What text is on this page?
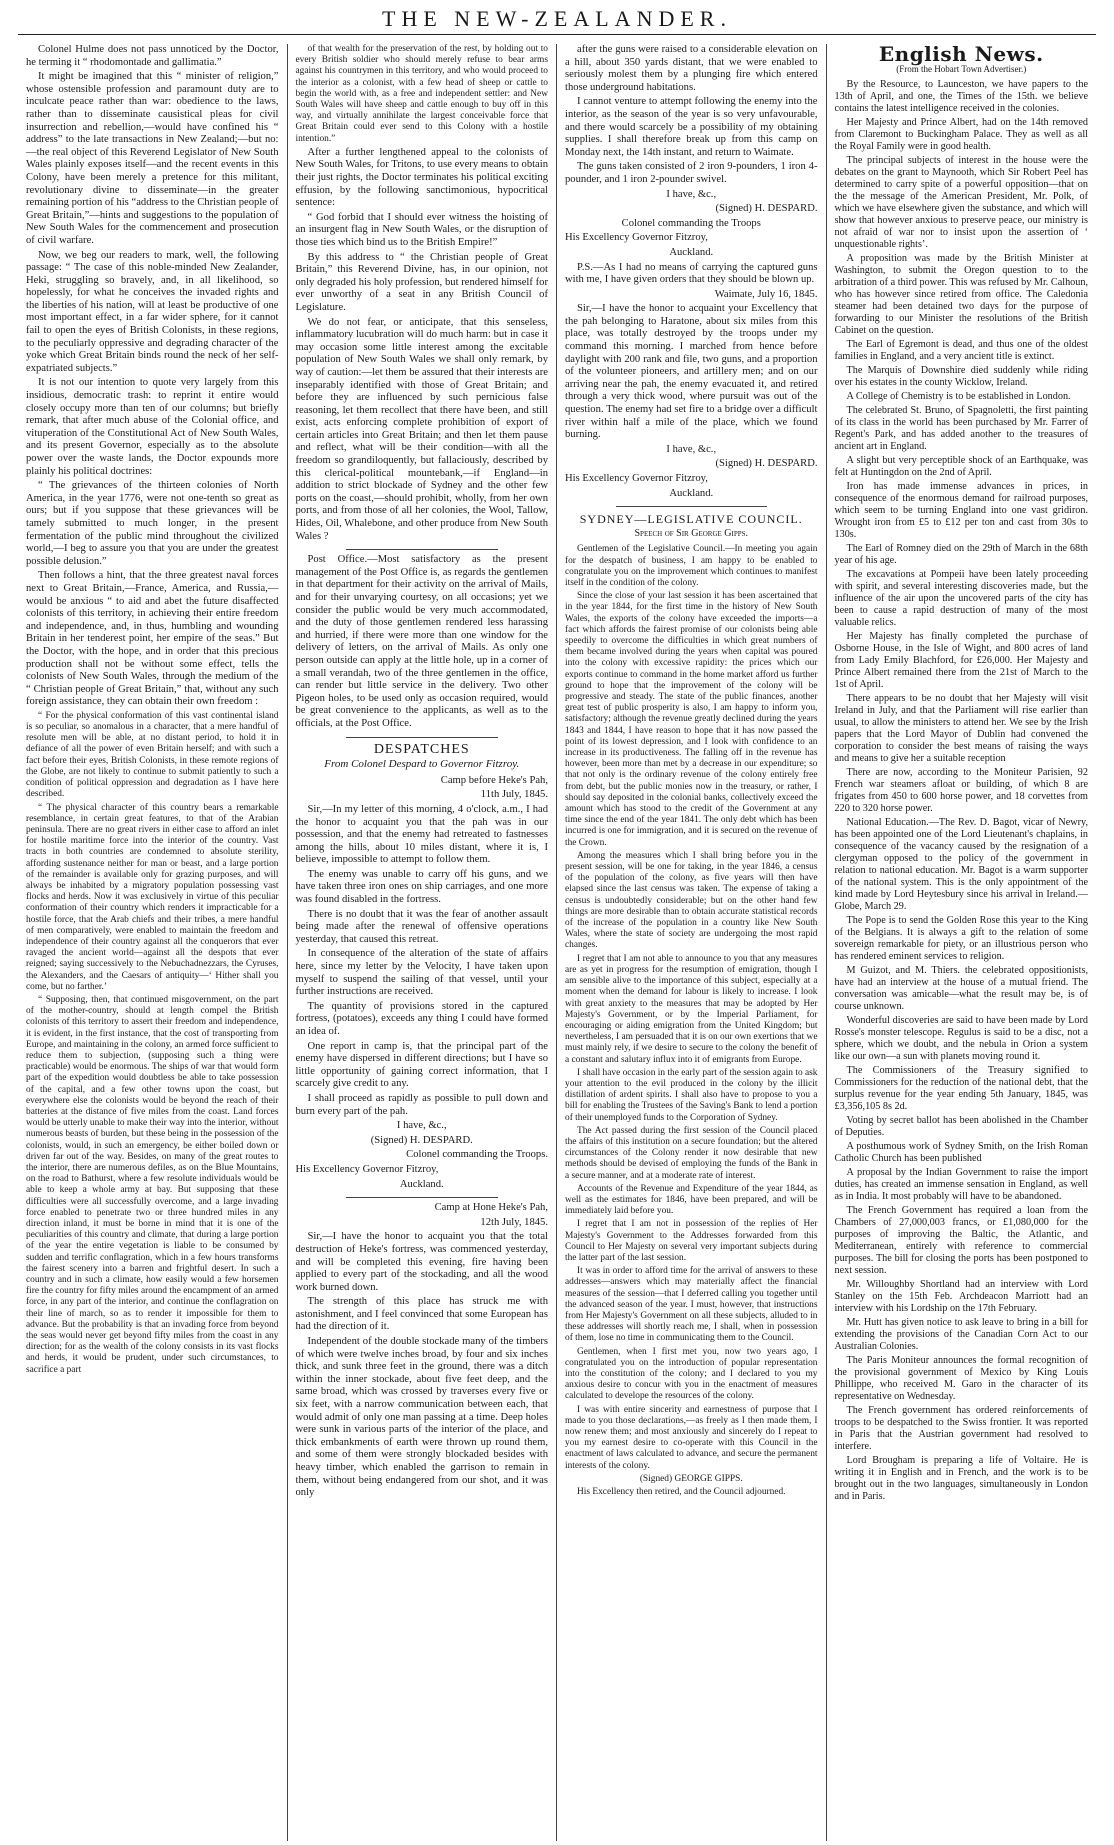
THE NEW-ZEALANDER.

Colonel Hulme does not pass unnoticed by the Doctor, he terming it “ rhodomontade and gallimatia.”

It might be imagined that this “ minister of religion,” whose ostensible profession and paramount duty are to inculcate peace rather than war: obedience to the laws, rather than to disseminate causistical pleas for civil insurrection and rebellion,—would have confined his “ address” to the late transactions in New Zealand;—but no:—the real object of this Reverend Legislator of New South Wales plainly exposes itself—and the recent events in this Colony, have been merely a pretence for this militant, revolutionary divine to disseminate—in the greater remaining portion of his “address to the Christian people of Great Britain,”—hints and suggestions to the population of New South Wales for the commencement and prosecution of civil warfare.

Now, we beg our readers to mark, well, the following passage: “ The case of this noble-minded New Zealander, Heki, struggling so bravely, and, in all likelihood, so hopelessly, for what he conceives the invaded rights and the liberties of his nation, will at least be productive of one most important effect, in a far wider sphere, for it cannot fail to open the eyes of British Colonists, in these regions, to the peculiarly oppressive and degrading character of the yoke which Great Britain binds round the neck of her self-expatriated subjects.”

It is not our intention to quote very largely from this insidious, democratic trash: to reprint it entire would closely occupy more than ten of our columns; but briefly remark, that after much abuse of the Colonial office, and vituperation of the Constitutional Act of New South Wales, and its present Governor, especially as to the absolute power over the waste lands, the Doctor expounds more plainly his political doctrines:

“ The grievances of the thirteen colonies of North America, in the year 1776, were not one-tenth so great as ours; but if you suppose that these grievances will be tamely submitted to much longer, in the present fermentation of the public mind throughout the civilized world,—I beg to assure you that you are under the greatest possible delusion.”

Then follows a hint, that the three greatest naval forces next to Great Britain,—France, America, and Russia,—would be anxious “ to aid and abet the future disaffected colonists of this territory, in achieving their entire freedom and independence, and, in thus, humbling and wounding Britain in her tenderest point, her empire of the seas.” But the Doctor, with the hope, and in order that this precious production shall not be without some effect, tells the colonists of New South Wales, through the medium of the “ Christian people of Great Britain,” that, without any such foreign assistance, they can obtain their own freedom :

“ For the physical conformation of this vast continental island is so peculiar, so anomalous in a character, that a mere handful of resolute men will be able, at no distant period, to hold it in defiance of all the power of even Britain herself; and with such a fact before their eyes, British Colonists, in these remote regions of the Globe, are not likely to continue to submit patiently to such a condition of political oppression and degradation as I have here described.

“ The physical character of this country bears a remarkable resemblance, in certain great features, to that of the Arabian peninsula. There are no great rivers in either case to afford an inlet for hostile maritime force into the interior of the country. Vast tracts in both countries are condemned to absolute sterility, affording sustenance neither for man or beast, and a large portion of the remainder is available only for grazing purposes, and will always be inhabited by a migratory population possessing vast flocks and herds. Now it was exclusively in virtue of this peculiar conformation of their country which renders it impracticable for a hostile force, that the Arab chiefs and their tribes, a mere handful of men comparatively, were enabled to maintain the freedom and independence of their country against all the conquerors that ever ravaged the ancient world—against all the despots that ever reigned; saying successively to the Nebuchadnezzars, the Cyruses, the Alexanders, and the Caesars of antiquity—‘ Hither shall you come, but no farther.’

“ Supposing, then, that continued misgovernment, on the part of the mother-country, should at length compel the British colonists of this territory to assert their freedom and independence, it is evident, in the first instance, that the cost of transporting from Europe, and maintaining in the colony, an armed force sufficient to reduce them to subjection, (supposing such a thing were practicable) would be enormous. The ships of war that would form part of the expedition would doubtless be able to take possession of the capital, and a few other towns upon the coast, but everywhere else the colonists would be beyond the reach of their batteries at the distance of five miles from the coast. Land forces would be utterly unable to make their way into the interior, without numerous beasts of burden, but these being in the possession of the colonists, would, in such an emergency, be either boiled down or driven far out of the way. Besides, on many of the great routes to the interior, there are numerous defiles, as on the Blue Mountains, on the road to Bathurst, where a few resolute individuals would be able to keep a whole army at bay. But supposing that these difficulties were all successfully overcome, and a large invading force enabled to penetrate two or three hundred miles in any direction inland, it must be borne in mind that it is one of the peculiarities of this country and climate, that during a large portion of the year the entire vegetation is liable to be consumed by sudden and terrific conflagration, which in a few hours transforms the fairest scenery into a barren and frightful desert. In such a country and in such a climate, how easily would a few horsemen fire the country for fifty miles around the encampment of an armed force, in any part of the interior, and continue the conflagration on their line of march, so as to render it impossible for them to advance. But the probability is that an invading force from beyond the seas would never get beyond fifty miles from the coast in any direction; for as the wealth of the colony consists in its vast flocks and herds, it would be prudent, under such circumstances, to sacrifice a part

of that wealth for the preservation of the rest, by holding out to every British soldier who should merely refuse to bear arms against his countrymen in this territory, and who would proceed to the interior as a colonist, with a few head of sheep or cattle to begin the world with, as a free and independent settler: and New South Wales will have sheep and cattle enough to buy off in this way, and virtually annihilate the largest conceivable force that Great Britain could ever send to this Colony with a hostile intention.”

After a further lengthened appeal to the colonists of New South Wales, for Tritons, to use every means to obtain their just rights, the Doctor terminates his political exciting effusion, by the following sanctimonious, hypocritical sentence:

“ God forbid that I should ever witness the hoisting of an insurgent flag in New South Wales, or the disruption of those ties which bind us to the British Empire!”

By this address to “ the Christian people of Great Britain,” this Reverend Divine, has, in our opinion, not only degraded his holy profession, but rendered himself for ever unworthy of a seat in any British Council of Legislature.

We do not fear, or anticipate, that this senseless, inflammatory lucubration will do much harm: but in case it may occasion some little interest among the excitable population of New South Wales we shall only remark, by way of caution:—let them be assured that their interests are inseparably identified with those of Great Britain; and before they are influenced by such pernicious false reasoning, let them recollect that there have been, and still exist, acts enforcing complete prohibition of export of certain articles into Great Britain; and then let them pause and reflect, what will be their condition—with all the freedom so grandiloquently, but fallaciously, described by this clerical-political mountebank,—if England—in addition to strict blockade of Sydney and the other few ports on the coast,—should prohibit, wholly, from her own ports, and from those of all her colonies, the Wool, Tallow, Hides, Oil, Whalebone, and other produce from New South Wales ?

Post Office.—Most satisfactory as the present management of the Post Office is, as regards the gentlemen in that department for their activity on the arrival of Mails, and for their unvarying courtesy, on all occasions; yet we consider the public would be very much accommodated, and the duty of those gentlemen rendered less harassing and hurried, if there were more than one window for the delivery of letters, on the arrival of Mails. As only one person outside can apply at the little hole, up in a corner of a small verandah, two of the three gentlemen in the office, can render but little service in the delivery. Two other Pigeon holes, to be used only as occasion required, would be great convenience to the applicants, as well as to the officials, at the Post Office.

DESPATCHES
From Colonel Despard to Governor Fitzroy.

Camp before Heke's Pah,

11th July, 1845.

Sir,—In my letter of this morning, 4 o'clock, a.m., I had the honor to acquaint you that the pah was in our possession, and that the enemy had retreated to fastnesses among the hills, about 10 miles distant, where it is, I believe, impossible to attempt to follow them.

The enemy was unable to carry off his guns, and we have taken three iron ones on ship carriages, and one more was found disabled in the fortress.

There is no doubt that it was the fear of another assault being made after the renewal of offensive operations yesterday, that caused this retreat.

In consequence of the alteration of the state of affairs here, since my letter by the Velocity, I have taken upon myself to suspend the sailing of that vessel, until your further instructions are received.

The quantity of provisions stored in the captured fortress, (potatoes), exceeds any thing I could have formed an idea of.

One report in camp is, that the principal part of the enemy have dispersed in different directions; but I have so little opportunity of gaining correct information, that I scarcely give credit to any.

I shall proceed as rapidly as possible to pull down and burn every part of the pah.

I have, &c.,

(Signed) H. DESPARD.

Colonel commanding the Troops.

His Excellency Governor Fitzroy,

Auckland.

Camp at Hone Heke's Pah,

12th July, 1845.

Sir,—I have the honor to acquaint you that the total destruction of Heke's fortress, was commenced yesterday, and will be completed this evening, fire having been applied to every part of the stockading, and all the wood work burned down.

The strength of this place has struck me with astonishment, and I feel convinced that some European has had the direction of it.

Independent of the double stockade many of the timbers of which were twelve inches broad, by four and six inches thick, and sunk three feet in the ground, there was a ditch within the inner stockade, about five feet deep, and the same broad, which was crossed by traverses every five or six feet, with a narrow communication between each, that would admit of only one man passing at a time. Deep holes were sunk in various parts of the interior of the place, and thick embankments of earth were thrown up round them, and some of them were strongly blockaded besides with heavy timber, which enabled the garrison to remain in them, without being endangered from our shot, and it was only

after the guns were raised to a considerable elevation on a hill, about 350 yards distant, that we were enabled to seriously molest them by a plunging fire which entered those underground habitations.

I cannot venture to attempt following the enemy into the interior, as the season of the year is so very unfavourable, and there would scarcely be a possibility of my obtaining supplies. I shall therefore break up from this camp on Monday next, the 14th instant, and return to Waimate.

The guns taken consisted of 2 iron 9-pounders, 1 iron 4-pounder, and 1 iron 2-pounder swivel.

I have, &c.,

(Signed) H. DESPARD.

Colonel commanding the Troops

His Excellency Governor Fitzroy,

Auckland.

P.S.—As I had no means of carrying the captured guns with me, I have given orders that they should be blown up.

Waimate, July 16, 1845.

Sir,—I have the honor to acquaint your Excellency that the pah belonging to Haratone, about six miles from this place, was totally destroyed by the troops under my command this morning. I marched from hence before daylight with 200 rank and file, two guns, and a proportion of the volunteer pioneers, and artillery men; and on our arriving near the pah, the enemy evacuated it, and retired through a very thick wood, where pursuit was out of the question. The enemy had set fire to a bridge over a difficult river within half a mile of the place, which we found burning.

I have, &c.,

(Signed) H. DESPARD.

His Excellency Governor Fitzroy,

Auckland.

SYDNEY—LEGISLATIVE COUNCIL.
Speech of Sir George Gipps.

Gentlemen of the Legislative Council.—In meeting you again for the despatch of business, I am happy to be enabled to congratulate you on the improvement which continues to manifest itself in the condition of the colony.

Since the close of your last session it has been ascertained that in the year 1844, for the first time in the history of New South Wales, the exports of the colony have exceeded the imports—a fact which affords the fairest promise of our colonists being able speedily to overcome the difficulties in which great numbers of them became involved during the years when capital was poured into the colony with excessive rapidity: the prices which our exports continue to command in the home market afford us further ground to hope that the improvement of the colony will be progressive and steady. The state of the public finances, another great test of public prosperity is also, I am happy to inform you, satisfactory; although the revenue greatly declined during the years 1843 and 1844, I have reason to hope that it has now passed the point of its lowest depression, and I look with confidence to an increase in its productiveness. The falling off in the revenue has however, been more than met by a decrease in our expenditure; so that not only is the ordinary revenue of the colony entirely free from debt, but the public monies now in the treasury, or rather, I should say deposited in the colonial banks, collectively exceed the amount which has stood to the credit of the Government at any time since the end of the year 1841. The only debt which has been incurred is one for immigration, and it is secured on the revenue of the Crown.

Among the measures which I shall bring before you in the present session, will be one for taking, in the year 1846, a census of the population of the colony, as five years will then have elapsed since the last census was taken. The expense of taking a census is undoubtedly considerable; but on the other hand few things are more desirable than to obtain accurate statistical records of the increase of the population in a country like New South Wales, where the state of society are undergoing the most rapid changes.

I regret that I am not able to announce to you that any measures are as yet in progress for the resumption of emigration, though I am sensible alive to the importance of this subject, especially at a moment when the demand for labour is likely to increase. I look with great anxiety to the measures that may be adopted by Her Majesty's Government, or by the Imperial Parliament, for encouraging or aiding emigration from the United Kingdom; but nevertheless, I am persuaded that it is on our own exertions that we must mainly rely, if we desire to secure to the colony the benefit of a constant and salutary influx into it of emigrants from Europe.

I shall have occasion in the early part of the session again to ask your attention to the evil produced in the colony by the illicit distillation of ardent spirits. I shall also have to propose to you a bill for enabling the Trustees of the Saving's Bank to lend a portion of their unemployed funds to the Corporation of Sydney.

The Act passed during the first session of the Council placed the affairs of this institution on a secure foundation; but the altered circumstances of the Colony render it now desirable that new methods should be devised of employing the funds of the Bank in a secure manner, and at a moderate rate of interest.

Accounts of the Revenue and Expenditure of the year 1844, as well as the estimates for 1846, have been prepared, and will be immediately laid before you.

I regret that I am not in possession of the replies of Her Majesty's Government to the Addresses forwarded from this Council to Her Majesty on several very important subjects during the latter part of the last session.

It was in order to afford time for the arrival of answers to these addresses—answers which may materially affect the financial measures of the session—that I deferred calling you together until the advanced season of the year. I must, however, that instructions from Her Majesty's Government on all these subjects, alluded to in these addresses will shortly reach me, I shall, when in possession of them, lose no time in communicating them to the Council.

Gentlemen, when I first met you, now two years ago, I congratulated you on the introduction of popular representation into the constitution of the colony; and I declared to you my anxious desire to concur with you in the enactment of measures calculated to develope the resources of the colony.

I was with entire sincerity and earnestness of purpose that I made to you those declarations,—as freely as I then made them, I now renew them; and most anxiously and sincerely do I repeat to you my earnest desire to co-operate with this Council in the enactment of laws calculated to advance, and secure the permanent interests of the colony.

(Signed) GEORGE GIPPS.

His Excellency then retired, and the Council adjourned.

English News.
(From the Hobart Town Advertiser.)

By the Resource, to Launceston, we have papers to the 13th of April, and one, the Times of the 15th. we believe contains the latest intelligence received in the colonies.

Her Majesty and Prince Albert, had on the 14th removed from Claremont to Buckingham Palace. They as well as all the Royal Family were in good health.

The principal subjects of interest in the house were the debates on the grant to Maynooth, which Sir Robert Peel has determined to carry spite of a powerful opposition—that on the the message of the American President, Mr. Polk, of which we have elsewhere given the substance, and which will show that however anxious to preserve peace, our ministry is not afraid of war nor to insist upon the assertion of ‘ unquestionable rights’.

A proposition was made by the British Minister at Washington, to submit the Oregon question to to the arbitration of a third power. This was refused by Mr. Calhoun, who has however since retired from office. The Caledonia steamer had been detained two days for the purpose of forwarding to our Minister the resolutions of the British Cabinet on the question.

The Earl of Egremont is dead, and thus one of the oldest families in England, and a very ancient title is extinct.

The Marquis of Downshire died suddenly while riding over his estates in the county Wicklow, Ireland.

A College of Chemistry is to be established in London.

The celebrated St. Bruno, of Spagnoletti, the first painting of its class in the world has been purchased by Mr. Farrer of Regent's Park, and has added another to the treasures of ancient art in England.

A slight but very perceptible shock of an Earthquake, was felt at Huntingdon on the 2nd of April.

Iron has made immense advances in prices, in consequence of the enormous demand for railroad purposes, which seem to be turning England into one vast gridiron. Wrought iron from £5 to £12 per ton and cast from 30s to 130s.

The Earl of Romney died on the 29th of March in the 68th year of his age.

The excavations at Pompeii have been lately proceeding with spirit, and several interesting discoveries made, but the influence of the air upon the uncovered parts of the city has been to cause a rapid destruction of many of the most valuable relics.

Her Majesty has finally completed the purchase of Osborne House, in the Isle of Wight, and 800 acres of land from Lady Emily Blachford, for £26,000. Her Majesty and Prince Albert remained there from the 21st of March to the 1st of April.

There appears to be no doubt that her Majesty will visit Ireland in July, and that the Parliament will rise earlier than usual, to allow the ministers to attend her. We see by the Irish papers that the Lord Mayor of Dublin had convened the corporation to consider the best means of raising the ways and means to give her a suitable reception

There are now, according to the Moniteur Parisien, 92 French war steamers afloat or building, of which 8 are frigates from 450 to 600 horse power, and 18 corvettes from 220 to 320 horse power.

National Education.—The Rev. D. Bagot, vicar of Newry, has been appointed one of the Lord Lieutenant's chaplains, in consequence of the vacancy caused by the resignation of a clergyman opposed to the policy of the government in relation to national education. Mr. Bagot is a warm supporter of the national system. This is the only appointment of the kind made by Lord Heytesbury since his arrival in Ireland.—Globe, March 29.

The Pope is to send the Golden Rose this year to the King of the Belgians. It is always a gift to the relation of some sovereign remarkable for piety, or an illustrious person who has rendered eminent services to religion.

M Guizot, and M. Thiers. the celebrated oppositionists, have had an interview at the house of a mutual friend. The conversation was amicable—what the result may be, is of course unknown.

Wonderful discoveries are said to have been made by Lord Rosse's monster telescope. Regulus is said to be a disc, not a sphere, which we doubt, and the nebula in Orion a system like our own—a sun with planets moving round it.

The Commissioners of the Treasury signified to Commissioners for the reduction of the national debt, that the surplus revenue for the year ending 5th January, 1845, was £3,356,105 8s 2d.

Voting by secret ballot has been abolished in the Chamber of Deputies.

A posthumous work of Sydney Smith, on the Irish Roman Catholic Church has been published

A proposal by the Indian Government to raise the import duties, has created an immense sensation in England, as well as in India. It most probably will have to be abandoned.

The French Government has required a loan from the Chambers of 27,000,003 francs, or £1,080,000 for the purposes of improving the Baltic, the Atlantic, and Mediterranean, entirely with reference to commercial purposes. The bill for closing the ports has been postponed to next session.

Mr. Willoughby Shortland had an interview with Lord Stanley on the 15th Feb. Archdeacon Marriott had an interview with his Lordship on the 17th February.

Mr. Hutt has given notice to ask leave to bring in a bill for extending the provisions of the Canadian Corn Act to our Australian Colonies.

The Paris Moniteur announces the formal recognition of the provisional government of Mexico by King Louis Phillippe, who received M. Garo in the character of its representative on Wednesday.

The French government has ordered reinforcements of troops to be despatched to the Swiss frontier. It was reported in Paris that the Austrian government had resolved to interfere.

Lord Brougham is preparing a life of Voltaire. He is writing it in English and in French, and the work is to be brought out in the two languages, simultaneously in London and in Paris.
